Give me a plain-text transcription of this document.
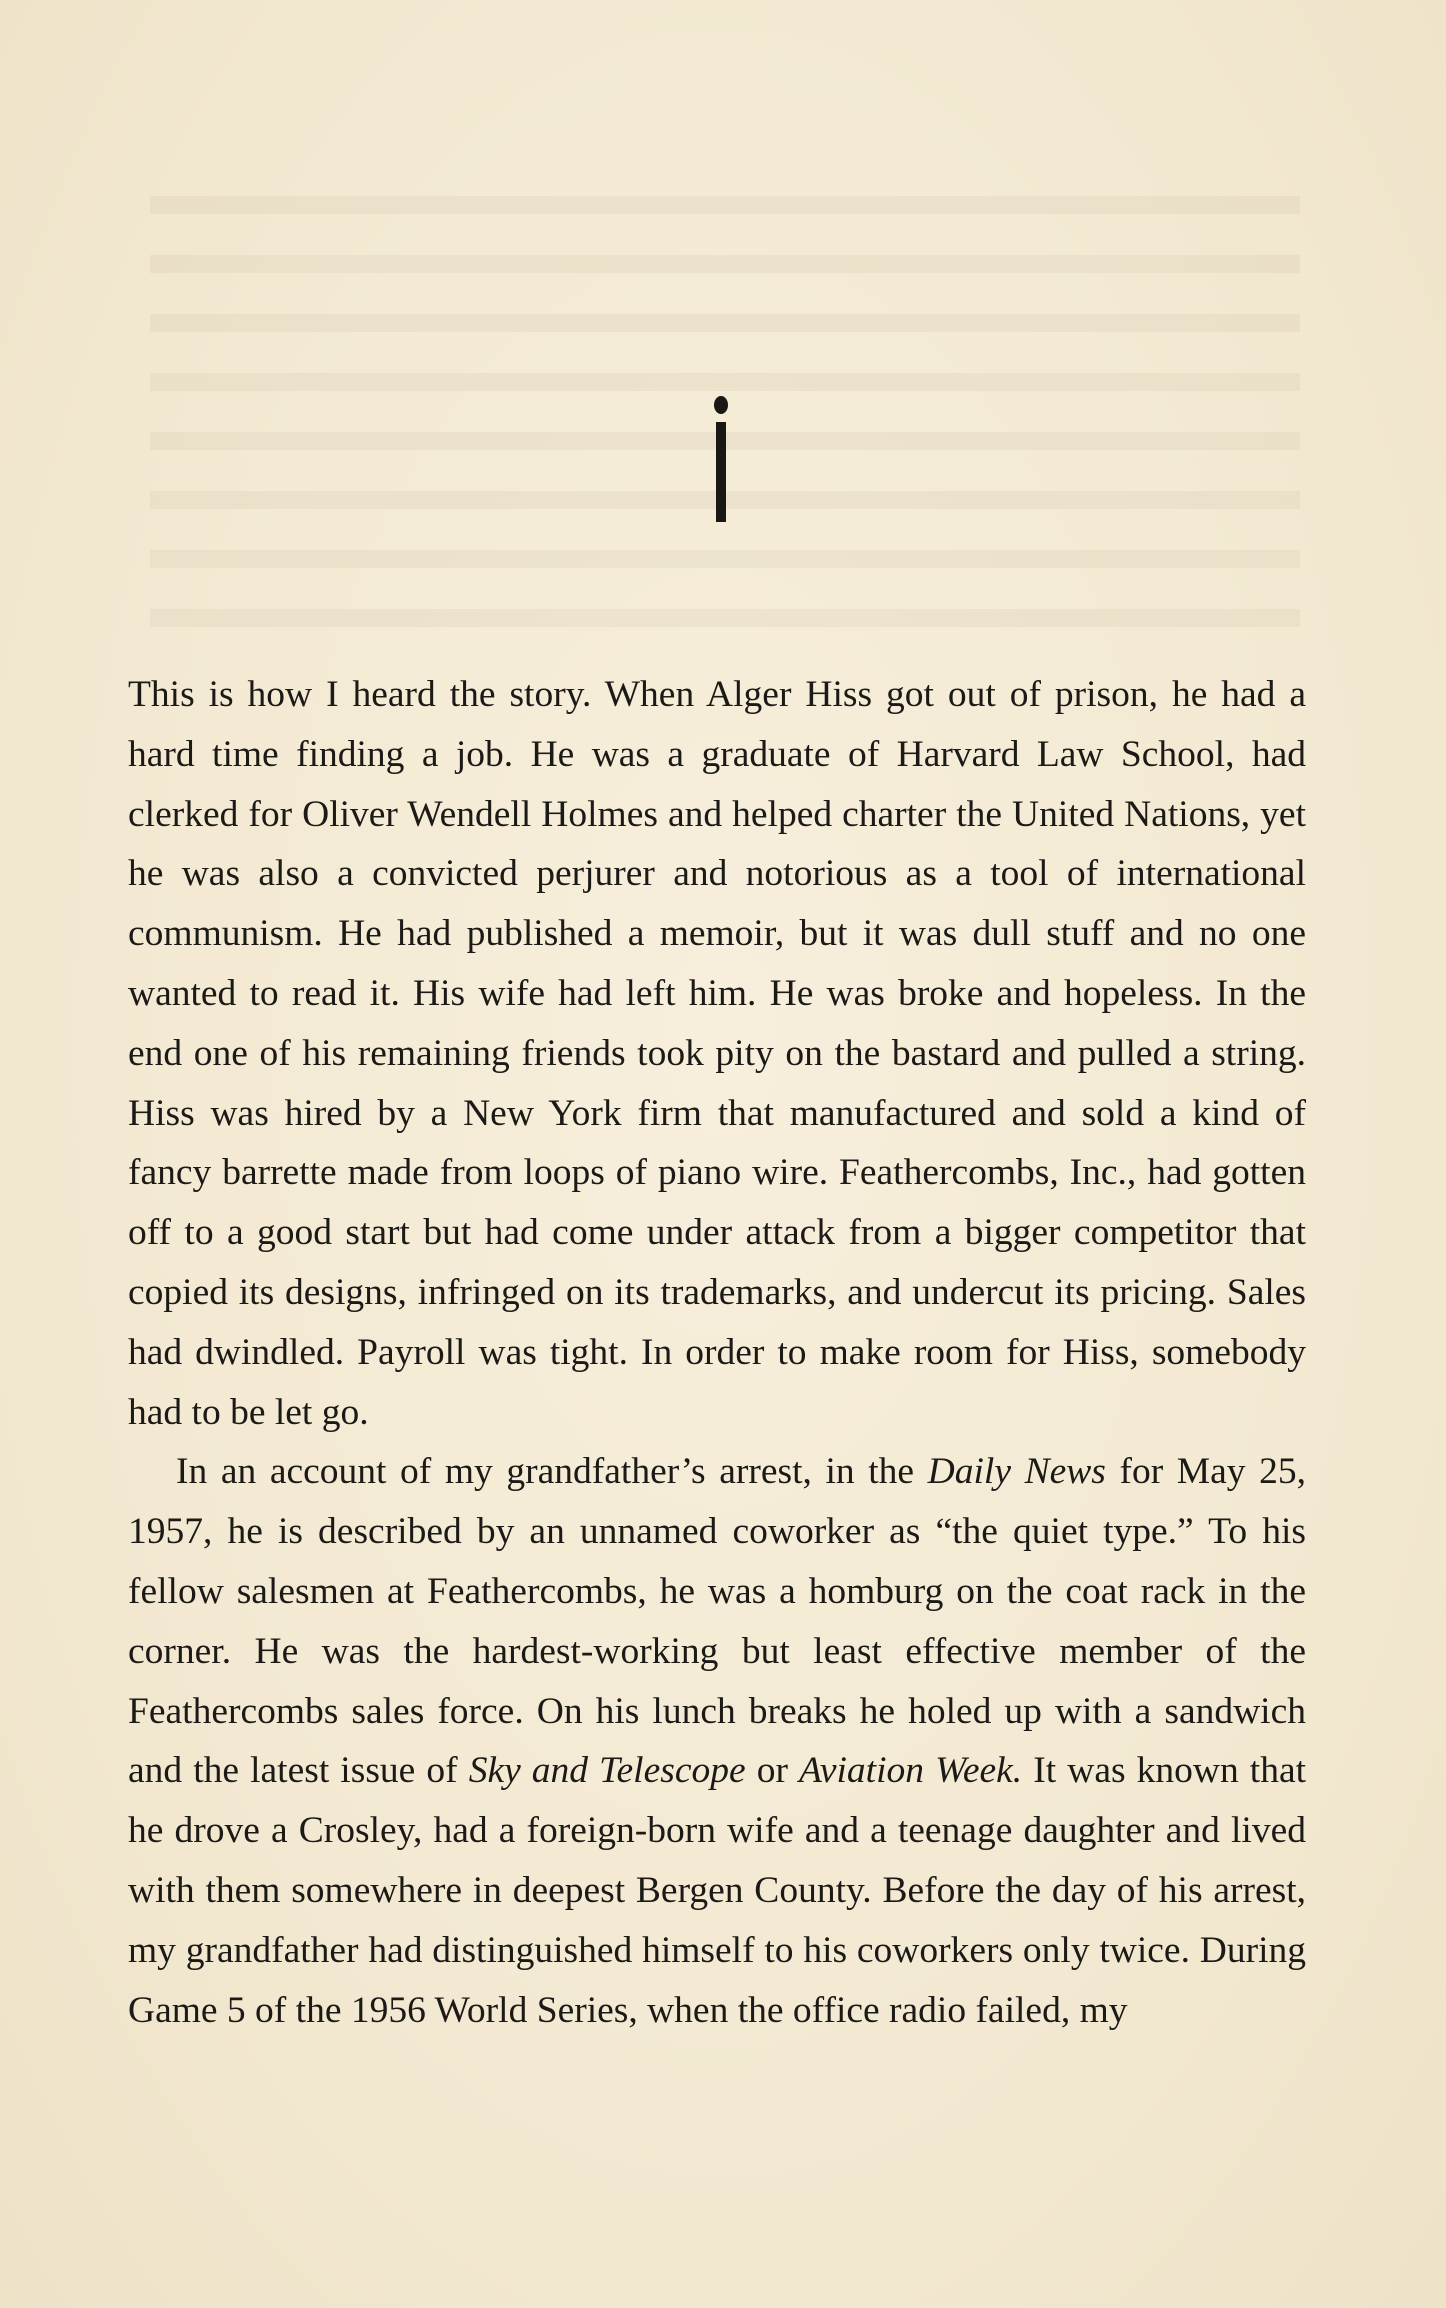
This is how I heard the story. When Alger Hiss got out of prison, he had a hard time finding a job. He was a graduate of Harvard Law School, had clerked for Oliver Wendell Holmes and helped charter the United Nations, yet he was also a convicted perjurer and notorious as a tool of international communism. He had published a memoir, but it was dull stuff and no one wanted to read it. His wife had left him. He was broke and hopeless. In the end one of his remaining friends took pity on the bastard and pulled a string. Hiss was hired by a New York firm that manufactured and sold a kind of fancy barrette made from loops of piano wire. Feathercombs, Inc., had gotten off to a good start but had come under attack from a bigger competitor that copied its designs, infringed on its trademarks, and undercut its pricing. Sales had dwindled. Payroll was tight. In order to make room for Hiss, somebody had to be let go.

In an account of my grandfather’s arrest, in the Daily News for May 25, 1957, he is described by an unnamed coworker as “the quiet type.” To his fellow salesmen at Feathercombs, he was a homburg on the coat rack in the corner. He was the hardest-working but least effective member of the Feathercombs sales force. On his lunch breaks he holed up with a sandwich and the latest issue of Sky and Telescope or Aviation Week. It was known that he drove a Crosley, had a foreign-born wife and a teenage daughter and lived with them somewhere in deepest Bergen County. Before the day of his arrest, my grandfather had distinguished himself to his coworkers only twice. During Game 5 of the 1956 World Series, when the office radio failed, my
